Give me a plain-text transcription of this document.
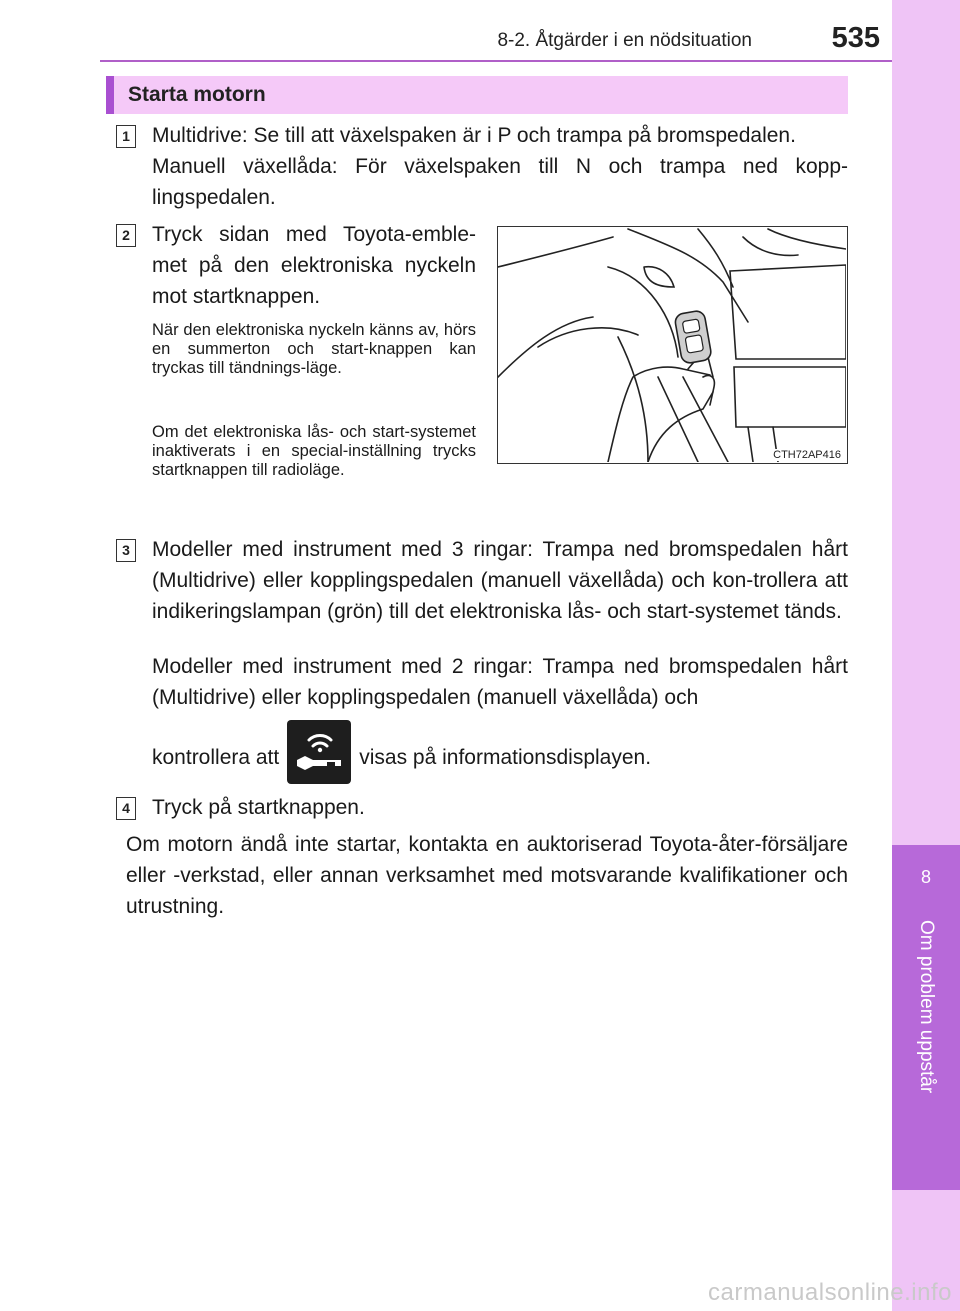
8-2. Åtgärder i en nödsituation	535
8
Om problem uppstår
Starta motorn
1 Multidrive: Se till att växelspaken är i P och trampa på bromspedalen.
Manuell växellåda: För växelspaken till N och trampa ned kopp-lingspedalen.
2 Tryck sidan med Toyota-emble-met på den elektroniska nyckeln mot startknappen.
När den elektroniska nyckeln känns av, hörs en summerton och start-knappen kan tryckas till tändnings-läge.
Om det elektroniska lås- och start-systemet inaktiverats i en special-inställning trycks startknappen till radioläge.
CTH72AP416
3 Modeller med instrument med 3 ringar: Trampa ned bromspedalen hårt (Multidrive) eller kopplingspedalen (manuell växellåda) och kon-trollera att indikeringslampan (grön) till det elektroniska lås- och start-systemet tänds.
Modeller med instrument med 2 ringar: Trampa ned bromspedalen hårt (Multidrive) eller kopplingspedalen (manuell växellåda) och
kontrollera att	visas på informationsdisplayen.
4 Tryck på startknappen.
Om motorn ändå inte startar, kontakta en auktoriserad Toyota-åter-försäljare eller -verkstad, eller annan verksamhet med motsvarande kvalifikationer och utrustning.
carmanualsonline.info
